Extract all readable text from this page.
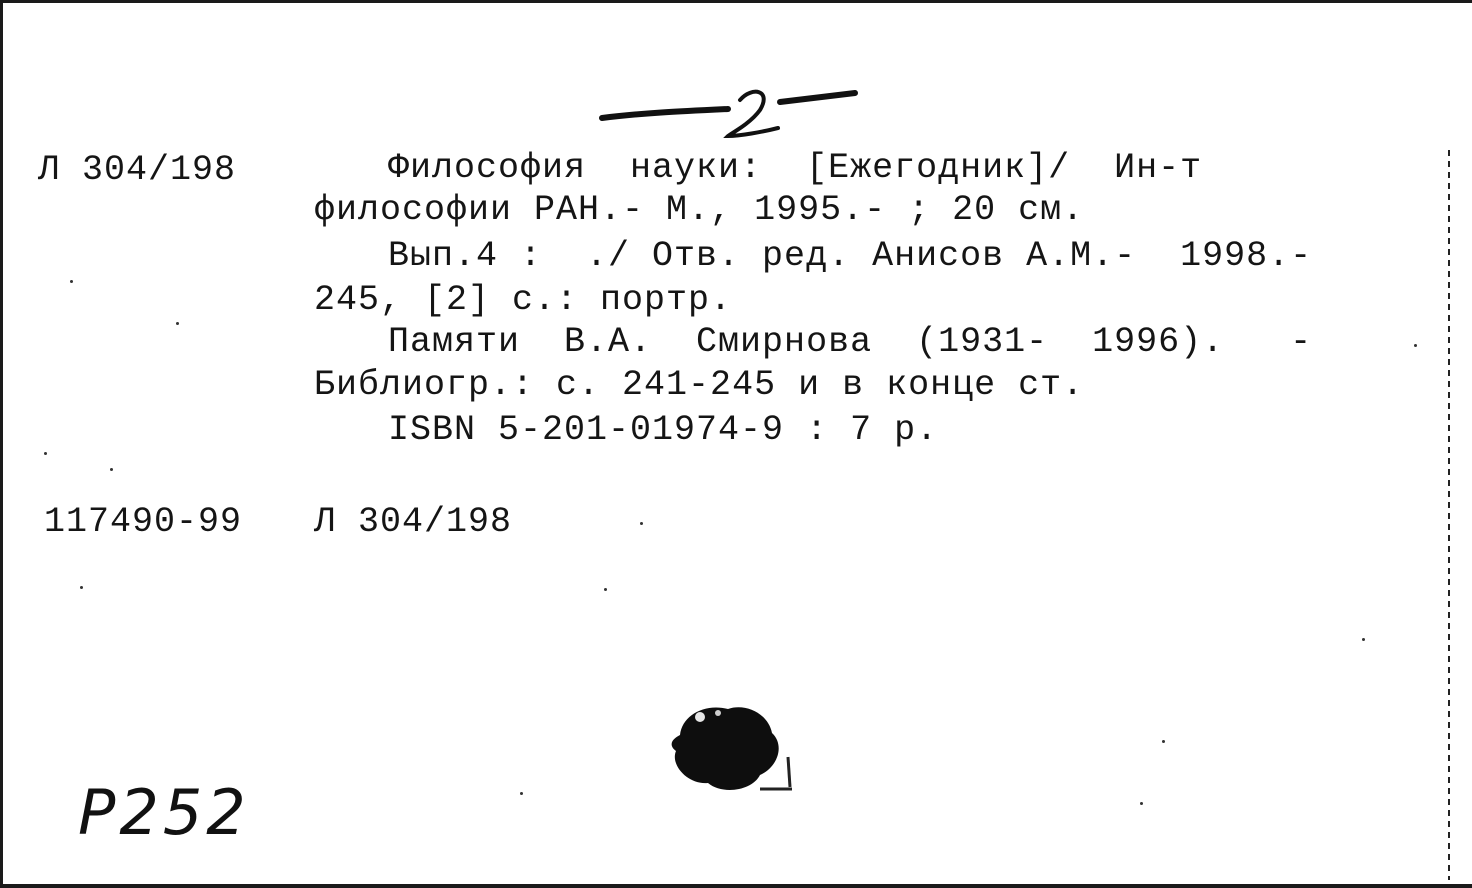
Л 304/198	Философия  науки:  [Ежегодник]/  Ин-т
философии РАН.- М., 1995.- ; 20 см.
Вып.4 :  ./ Отв. ред. Анисов А.М.-  1998.-
245, [2] с.: портр.
Памяти  В.А.  Смирнова  (1931-  1996).   -
Библиогр.: с. 241-245 и в конце ст.
ISBN 5-201-01974-9 : 7 р.
117490-99 Л 304/198
Р252
